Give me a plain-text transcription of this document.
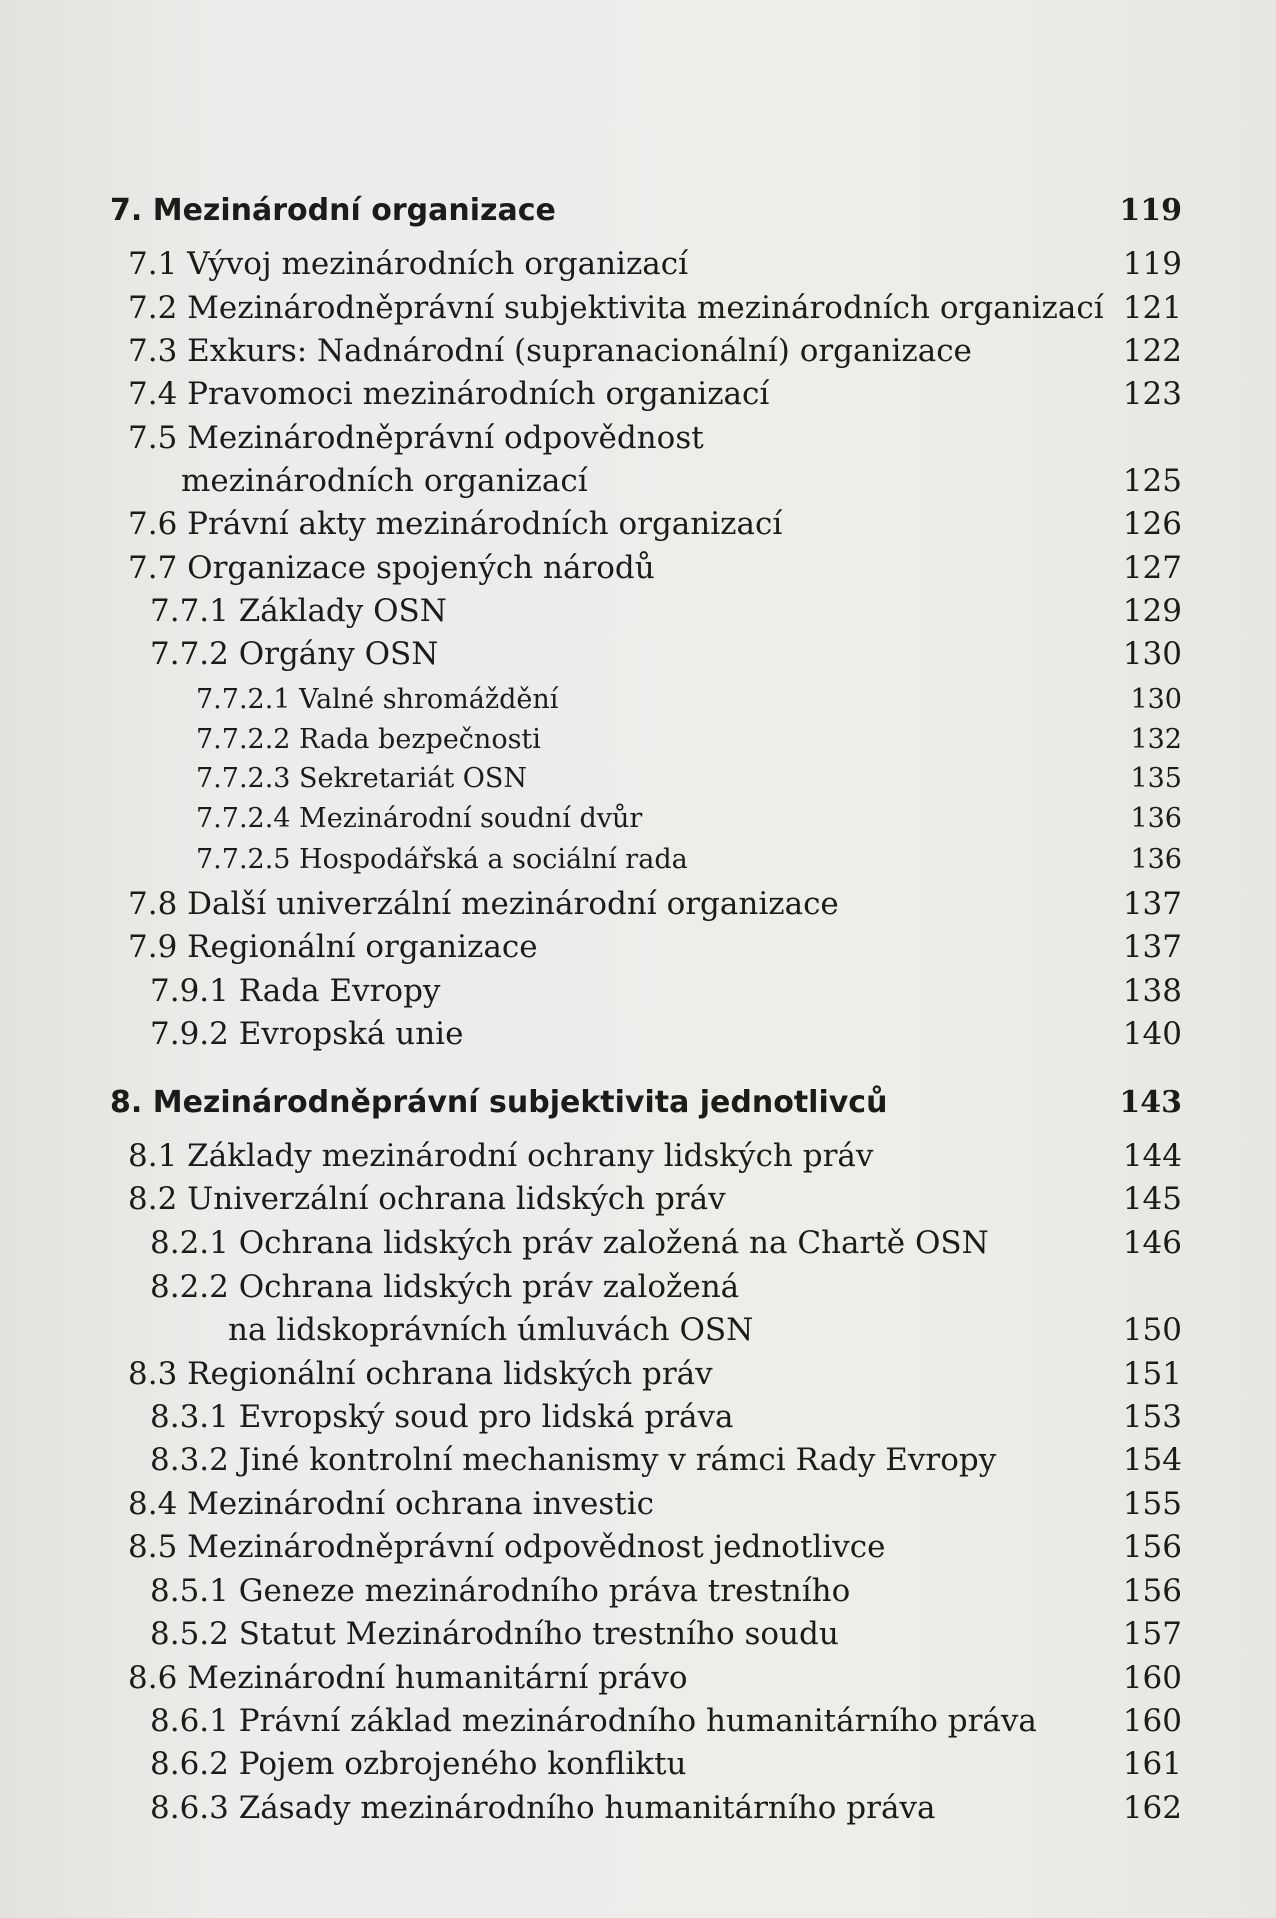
7. Mezinárodní organizace	119
7.1 Vývoj mezinárodních organizací	119
7.2 Mezinárodněprávní subjektivita mezinárodních organizací 121
7.3 Exkurs: Nadnárodní (supranacionální) organizace	122
7.4 Pravomoci mezinárodních organizací	123
7.5 Mezinárodněprávní odpovědnost
mezinárodních organizací	125
7.6 Právní akty mezinárodních organizací	126
7.7 Organizace spojených národů	127
7.7.1 Základy OSN	129
7.7.2 Orgány OSN	130
7.7.2.1 Valné shromáždění	130
7.7.2.2 Rada bezpečnosti	132
7.7.2.3 Sekretariát OSN	135
7.7.2.4 Mezinárodní soudní dvůr	136
7.7.2.5 Hospodářská a sociální rada	136
7.8 Další univerzální mezinárodní organizace	137
7.9 Regionální organizace	137
7.9.1 Rada Evropy	138
7.9.2 Evropská unie	140
8. Mezinárodněprávní subjektivita jednotlivců	143
8.1 Základy mezinárodní ochrany lidských práv	144
8.2 Univerzální ochrana lidských práv	145
8.2.1 Ochrana lidských práv založená na Chartě OSN	146
8.2.2 Ochrana lidských práv založená
na lidskoprávních úmluvách OSN	150
8.3 Regionální ochrana lidských práv	151
8.3.1 Evropský soud pro lidská práva	153
8.3.2 Jiné kontrolní mechanismy v rámci Rady Evropy	154
8.4 Mezinárodní ochrana investic	155
8.5 Mezinárodněprávní odpovědnost jednotlivce	156
8.5.1 Geneze mezinárodního práva trestního	156
8.5.2 Statut Mezinárodního trestního soudu	157
8.6 Mezinárodní humanitární právo	160
8.6.1 Právní základ mezinárodního humanitárního práva	160
8.6.2 Pojem ozbrojeného konfliktu	161
8.6.3 Zásady mezinárodního humanitárního práva	162
